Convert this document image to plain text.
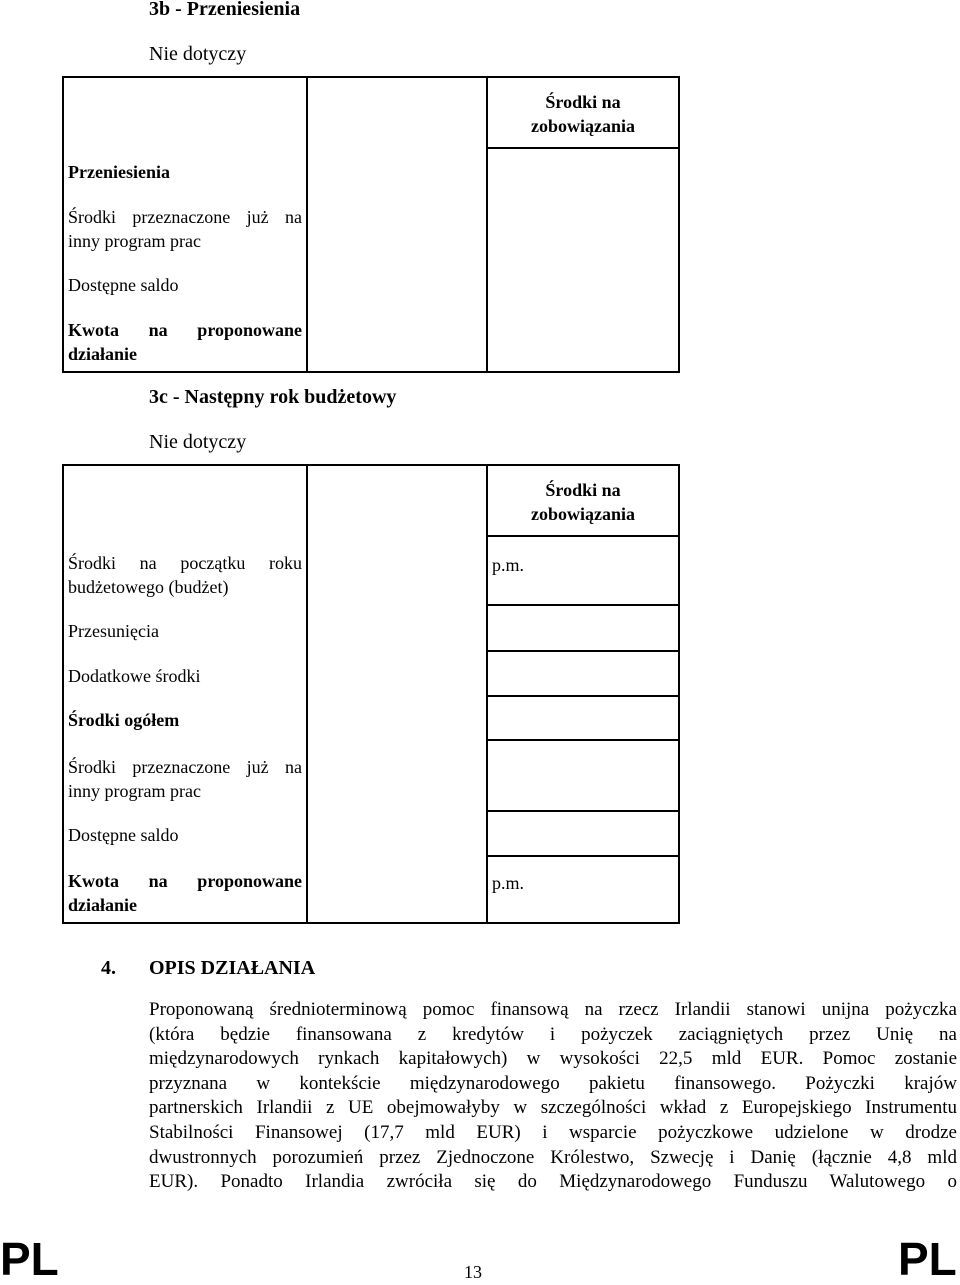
3b - Przeniesienia
Nie dotyczy
Środki na
zobowiązania
Przeniesienia
Środki przeznaczone już na
inny program prac
Dostępne saldo
Kwota na proponowane
działanie
3c - Następny rok budżetowy
Nie dotyczy
Środki na
zobowiązania
Środki na początku roku
budżetowego (budżet)
p.m.
Przesunięcia
Dodatkowe środki
Środki ogółem
Środki przeznaczone już na
inny program prac
Dostępne saldo
Kwota na proponowane
działanie
p.m.
4. OPIS DZIAŁANIA
Proponowaną średnioterminową pomoc finansową na rzecz Irlandii stanowi unijna pożyczka
(która będzie finansowana z kredytów i pożyczek zaciągniętych przez Unię na
międzynarodowych rynkach kapitałowych) w wysokości 22,5 mld EUR. Pomoc zostanie
przyznana w kontekście międzynarodowego pakietu finansowego. Pożyczki krajów
partnerskich Irlandii z UE obejmowałyby w szczególności wkład z Europejskiego Instrumentu
Stabilności Finansowej (17,7 mld EUR) i wsparcie pożyczkowe udzielone w drodze
dwustronnych porozumień przez Zjednoczone Królestwo, Szwecję i Danię (łącznie 4,8 mld
EUR). Ponadto Irlandia zwróciła się do Międzynarodowego Funduszu Walutowego o
PL	13	PL
